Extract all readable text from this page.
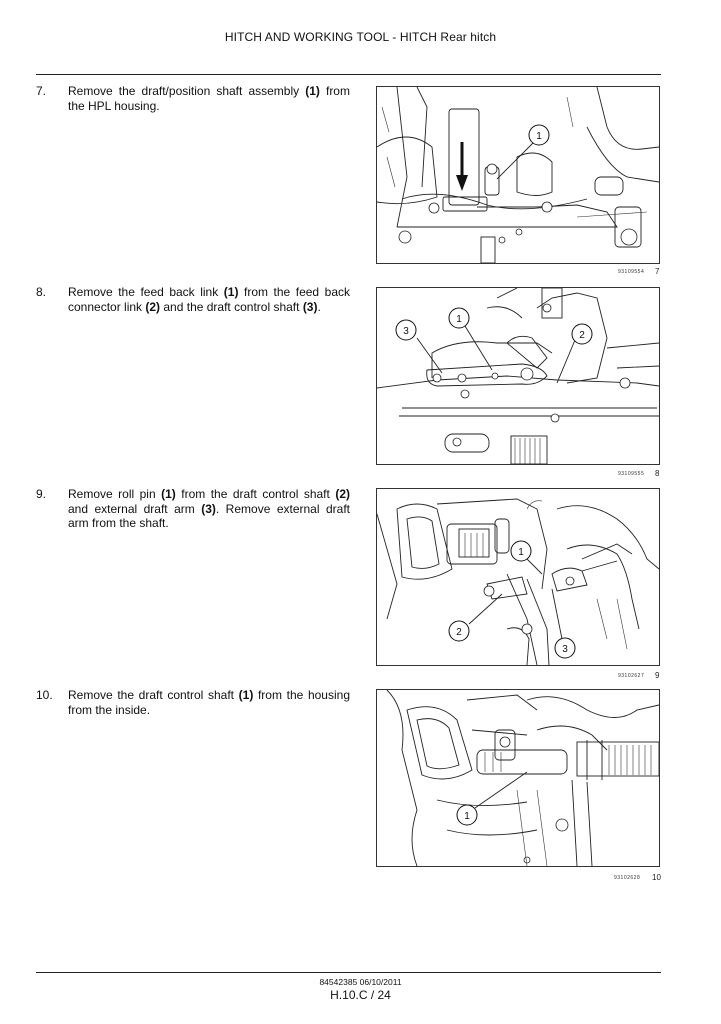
HITCH AND WORKING TOOL - HITCH Rear hitch
7. Remove the draft/position shaft assembly (1) from the HPL housing.
1
93109554 7
8. Remove the feed back link (1) from the feed back connector link (2) and the draft control shaft (3).
3
1
2
93109555 8
9. Remove roll pin (1) from the draft control shaft (2) and external draft arm (3). Remove external draft arm from the shaft.
1
2
3
93102627 9
10. Remove the draft control shaft (1) from the housing from the inside.
1
93102628 10
84542385 06/10/2011
H.10.C / 24
